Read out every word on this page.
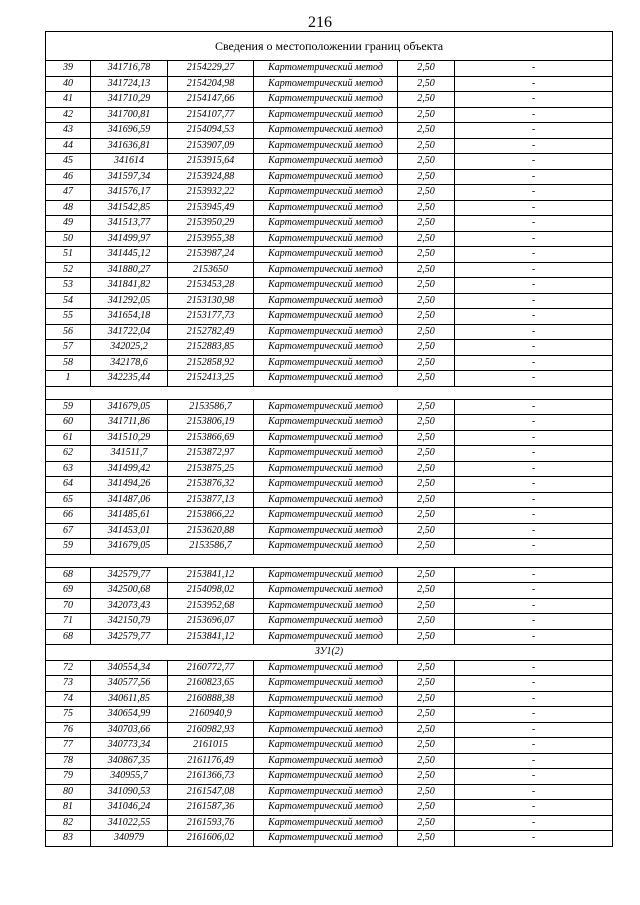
216
Сведения о местоположении границ объекта					
39	341716,78	2154229,27	Картометрический метод	2,50	-
40	341724,13	2154204,98	Картометрический метод	2,50	-
41	341710,29	2154147,66	Картометрический метод	2,50	-
42	341700,81	2154107,77	Картометрический метод	2,50	-
43	341696,59	2154094,53	Картометрический метод	2,50	-
44	341636,81	2153907,09	Картометрический метод	2,50	-
45	341614	2153915,64	Картометрический метод	2,50	-
46	341597,34	2153924,88	Картометрический метод	2,50	-
47	341576,17	2153932,22	Картометрический метод	2,50	-
48	341542,85	2153945,49	Картометрический метод	2,50	-
49	341513,77	2153950,29	Картометрический метод	2,50	-
50	341499,97	2153955,38	Картометрический метод	2,50	-
51	341445,12	2153987,24	Картометрический метод	2,50	-
52	341880,27	2153650	Картометрический метод	2,50	-
53	341841,82	2153453,28	Картометрический метод	2,50	-
54	341292,05	2153130,98	Картометрический метод	2,50	-
55	341654,18	2153177,73	Картометрический метод	2,50	-
56	341722,04	2152782,49	Картометрический метод	2,50	-
57	342025,2	2152883,85	Картометрический метод	2,50	-
58	342178,6	2152858,92	Картометрический метод	2,50	-
1	342235,44	2152413,25	Картометрический метод	2,50	-

59	341679,05	2153586,7	Картометрический метод	2,50	-
60	341711,86	2153806,19	Картометрический метод	2,50	-
61	341510,29	2153866,69	Картометрический метод	2,50	-
62	341511,7	2153872,97	Картометрический метод	2,50	-
63	341499,42	2153875,25	Картометрический метод	2,50	-
64	341494,26	2153876,32	Картометрический метод	2,50	-
65	341487,06	2153877,13	Картометрический метод	2,50	-
66	341485,61	2153866,22	Картометрический метод	2,50	-
67	341453,01	2153620,88	Картометрический метод	2,50	-
59	341679,05	2153586,7	Картометрический метод	2,50	-

68	342579,77	2153841,12	Картометрический метод	2,50	-
69	342500,68	2154098,02	Картометрический метод	2,50	-
70	342073,43	2153952,68	Картометрический метод	2,50	-
71	342150,79	2153696,07	Картометрический метод	2,50	-
68	342579,77	2153841,12	Картометрический метод	2,50	-
ЗУ1(2)					
72	340554,34	2160772,77	Картометрический метод	2,50	-
73	340577,56	2160823,65	Картометрический метод	2,50	-
74	340611,85	2160888,38	Картометрический метод	2,50	-
75	340654,99	2160940,9	Картометрический метод	2,50	-
76	340703,66	2160982,93	Картометрический метод	2,50	-
77	340773,34	2161015	Картометрический метод	2,50	-
78	340867,35	2161176,49	Картометрический метод	2,50	-
79	340955,7	2161366,73	Картометрический метод	2,50	-
80	341090,53	2161547,08	Картометрический метод	2,50	-
81	341046,24	2161587,36	Картометрический метод	2,50	-
82	341022,55	2161593,76	Картометрический метод	2,50	-
83	340979	2161606,02	Картометрический метод	2,50	-
